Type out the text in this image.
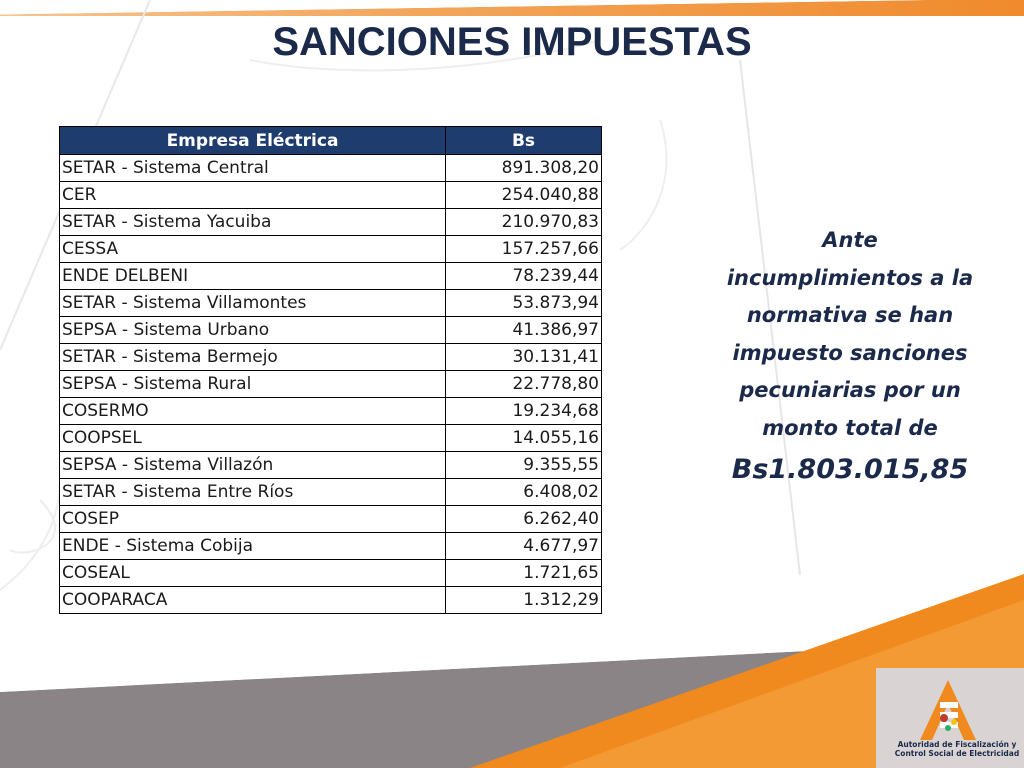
SANCIONES IMPUESTAS
Empresa Eléctrica	Bs
SETAR - Sistema Central	891.308,20
CER	254.040,88
SETAR - Sistema Yacuiba	210.970,83
CESSA	157.257,66
ENDE DELBENI	78.239,44
SETAR - Sistema Villamontes	53.873,94
SEPSA - Sistema Urbano	41.386,97
SETAR - Sistema Bermejo	30.131,41
SEPSA - Sistema Rural	22.778,80
COSERMO	19.234,68
COOPSEL	14.055,16
SEPSA - Sistema Villazón	9.355,55
SETAR - Sistema Entre Ríos	6.408,02
COSEP	6.262,40
ENDE - Sistema Cobija	4.677,97
COSEAL	1.721,65
COOPARACA	1.312,29
Ante incumplimientos a la normativa se han impuesto sanciones pecuniarias por un monto total de
Bs1.803.015,85
Autoridad de Fiscalización y
Control Social de Electricidad
